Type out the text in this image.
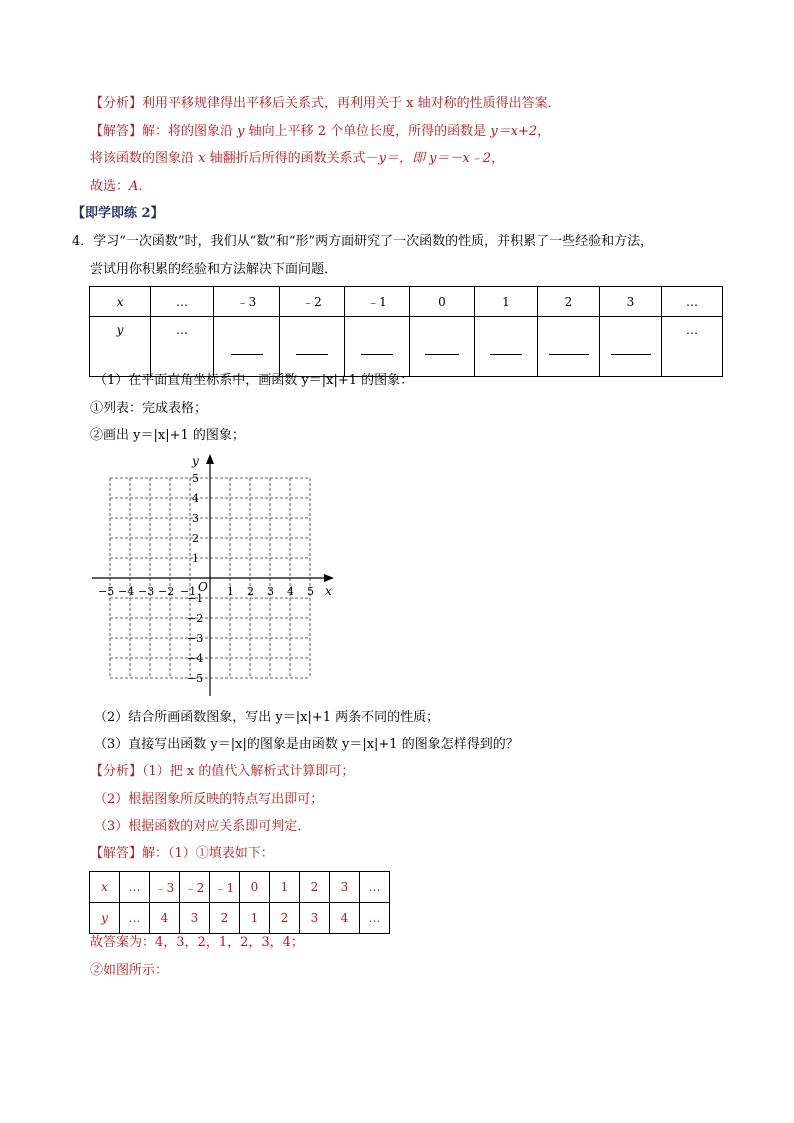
【分析】利用平移规律得出平移后关系式，再利用关于 x 轴对称的性质得出答案．
【解答】解：将的图象沿 y 轴向上平移 2 个单位长度，所得的函数是 y＝x+2，
将该函数的图象沿 x 轴翻折后所得的函数关系式－y＝，即 y＝－x﹣2，
故选：A．
【即学即练 2】
4．学习“一次函数”时，我们从“数”和“形”两方面研究了一次函数的性质，并积累了一些经验和方法，
尝试用你积累的经验和方法解决下面问题．
x	…	﹣3	﹣2	﹣1	0	1	2	3	…
y	…								…
（1）在平面直角坐标系中，画函数 y＝|x|+1 的图象：
①列表：完成表格；
②画出 y＝|x|+1 的图象；
y
x
O
−5 −4 −3 −2 −1	1 2 3 4 5
5
4
3
2
1
−1
−2
−3
−4
−5
（2）结合所画函数图象，写出 y＝|x|+1 两条不同的性质；
（3）直接写出函数 y＝|x|的图象是由函数 y＝|x|+1 的图象怎样得到的？
【分析】（1）把 x 的值代入解析式计算即可；
（2）根据图象所反映的特点写出即可；
（3）根据函数的对应关系即可判定．
【解答】解：（1）①填表如下：
x	…	﹣3	﹣2	﹣1	0	1	2	3	…
y	…	4	3	2	1	2	3	4	…
故答案为：4，3，2，1，2，3，4；
②如图所示：
